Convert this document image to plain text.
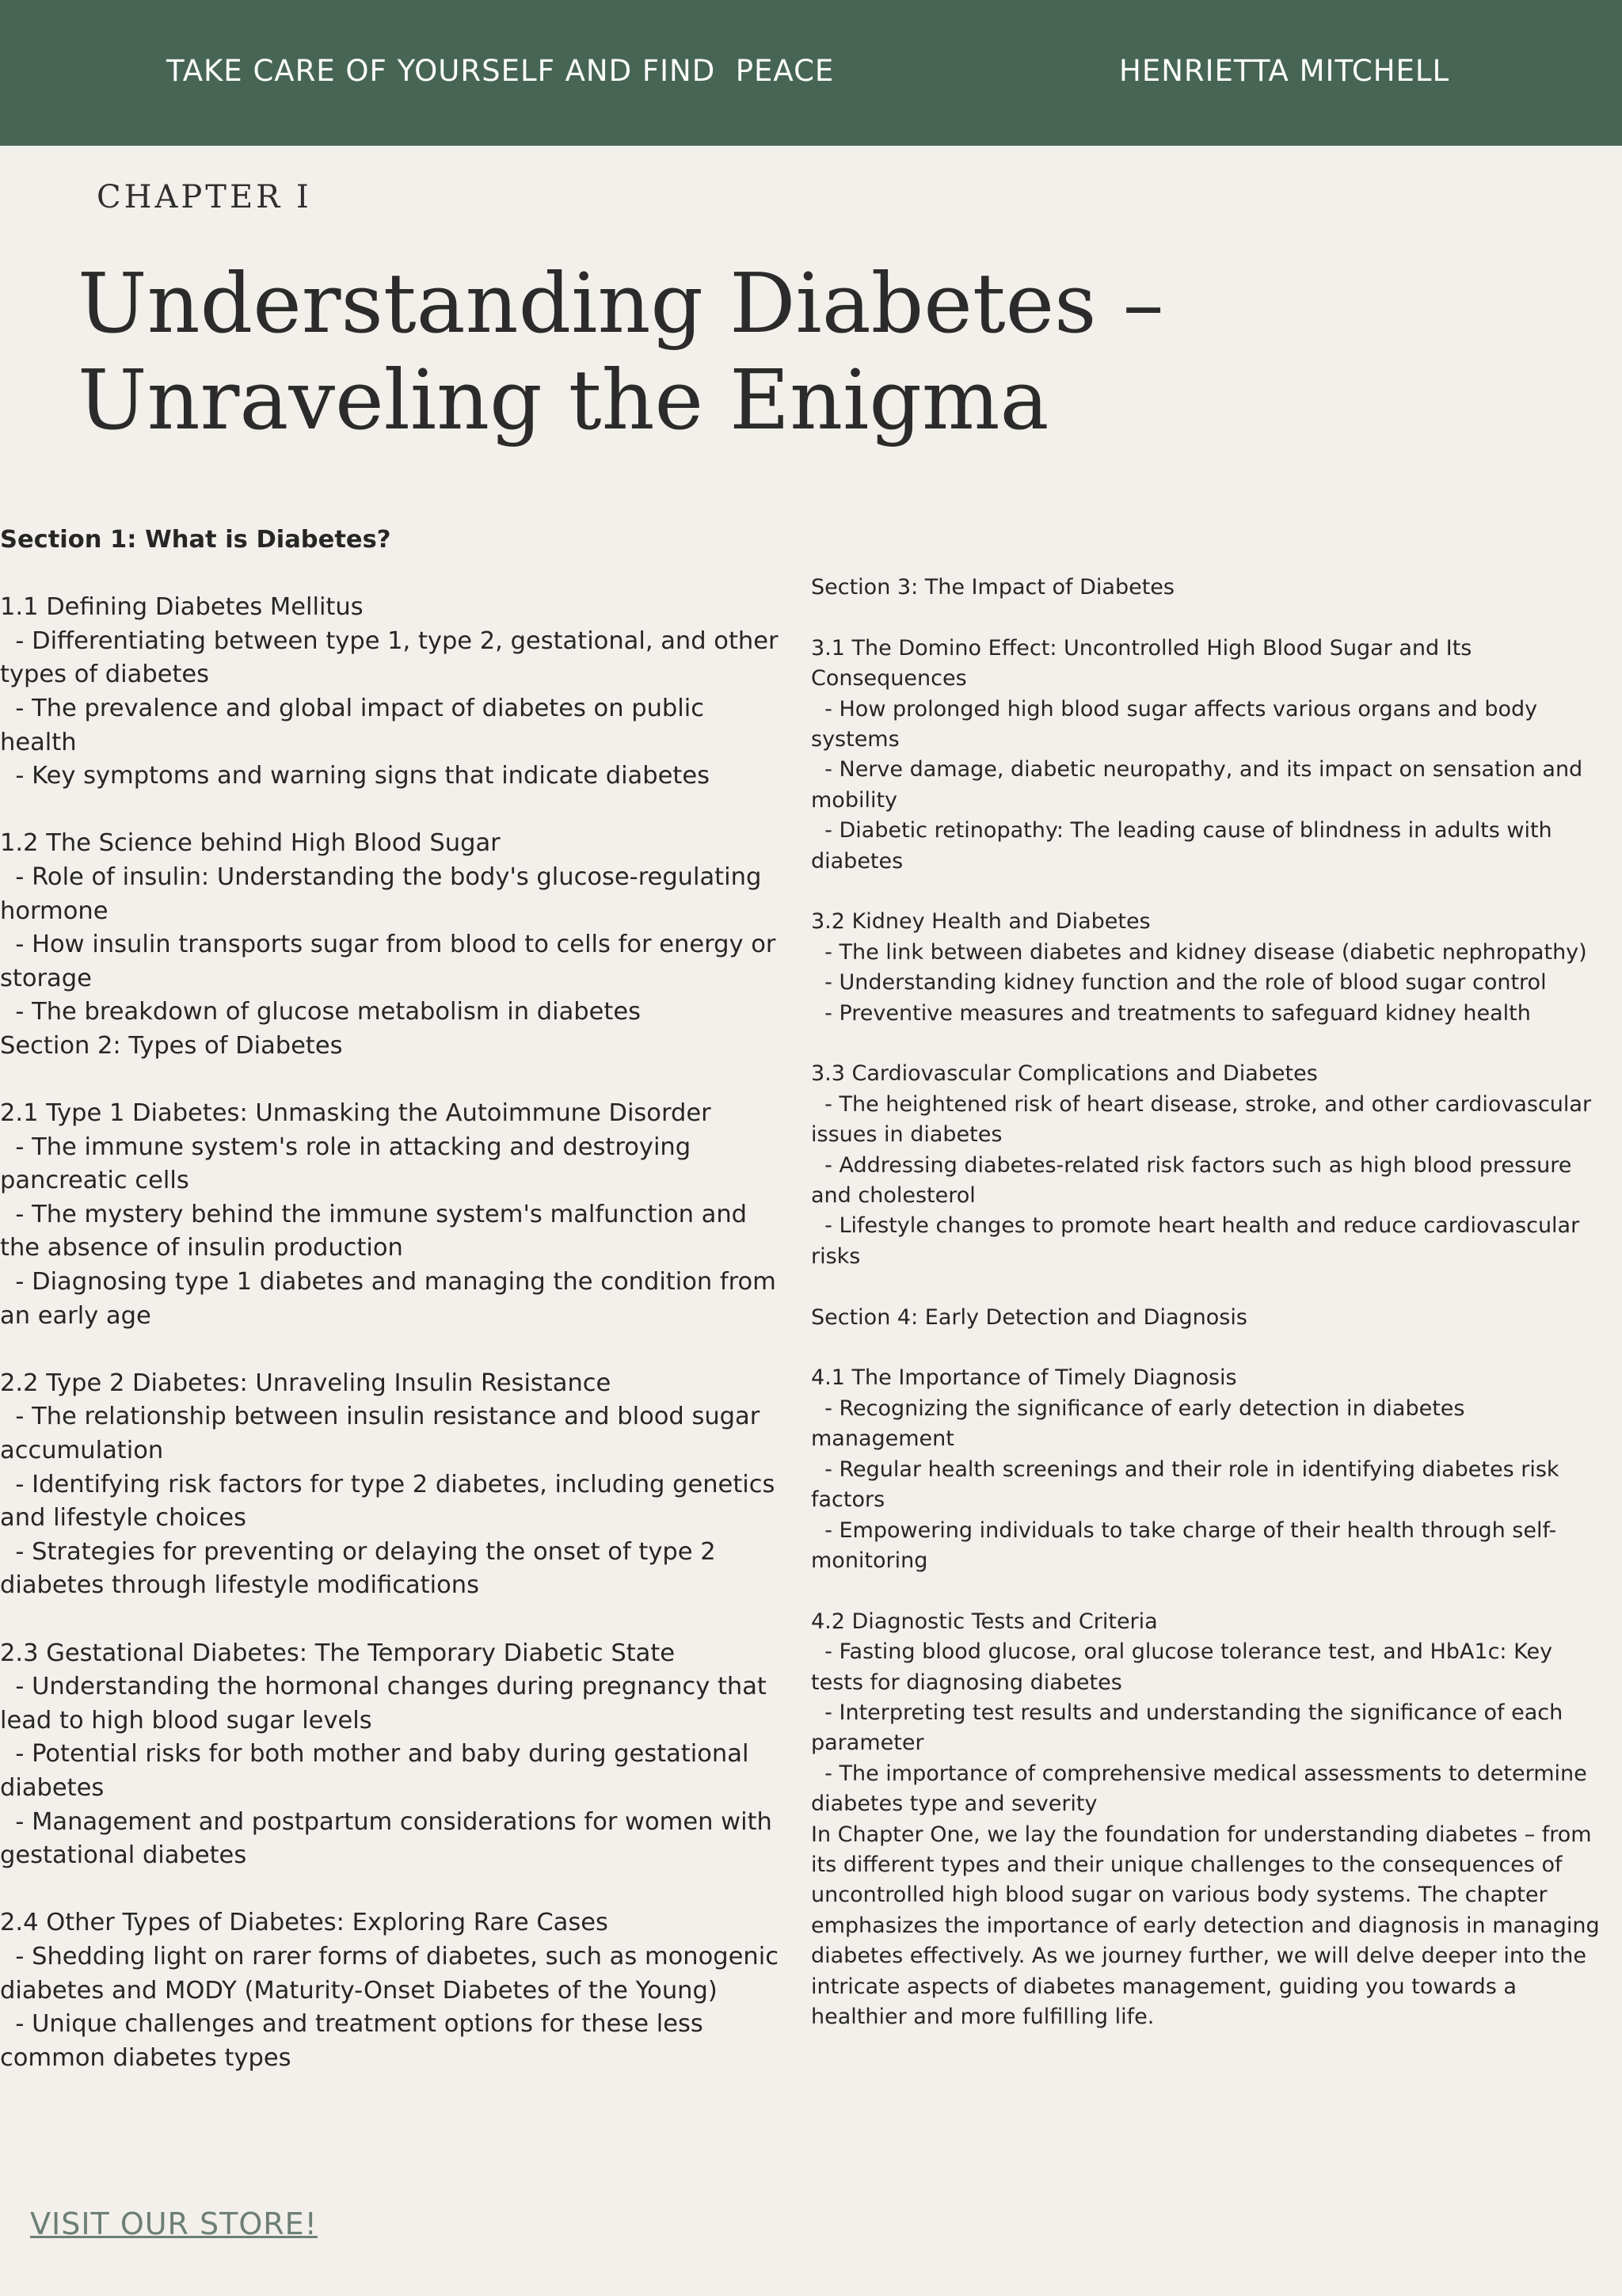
TAKE CARE OF YOURSELF AND FIND  PEACE	HENRIETTA MITCHELL
CHAPTER I
Understanding Diabetes –
Unraveling the Enigma
Section 1: What is Diabetes?
1.1 Defining Diabetes Mellitus
- Differentiating between type 1, type 2, gestational, and other types of diabetes
- The prevalence and global impact of diabetes on public health
- Key symptoms and warning signs that indicate diabetes
1.2 The Science behind High Blood Sugar
- Role of insulin: Understanding the body's glucose-regulating hormone
- How insulin transports sugar from blood to cells for energy or storage
- The breakdown of glucose metabolism in diabetes
Section 2: Types of Diabetes
2.1 Type 1 Diabetes: Unmasking the Autoimmune Disorder
- The immune system's role in attacking and destroying pancreatic cells
- The mystery behind the immune system's malfunction and the absence of insulin production
- Diagnosing type 1 diabetes and managing the condition from an early age
2.2 Type 2 Diabetes: Unraveling Insulin Resistance
- The relationship between insulin resistance and blood sugar accumulation
- Identifying risk factors for type 2 diabetes, including genetics and lifestyle choices
- Strategies for preventing or delaying the onset of type 2 diabetes through lifestyle modifications
2.3 Gestational Diabetes: The Temporary Diabetic State
- Understanding the hormonal changes during pregnancy that lead to high blood sugar levels
- Potential risks for both mother and baby during gestational diabetes
- Management and postpartum considerations for women with gestational diabetes
2.4 Other Types of Diabetes: Exploring Rare Cases
- Shedding light on rarer forms of diabetes, such as monogenic diabetes and MODY (Maturity-Onset Diabetes of the Young)
- Unique challenges and treatment options for these less common diabetes types
Section 3: The Impact of Diabetes
3.1 The Domino Effect: Uncontrolled High Blood Sugar and Its Consequences
- How prolonged high blood sugar affects various organs and body systems
- Nerve damage, diabetic neuropathy, and its impact on sensation and mobility
- Diabetic retinopathy: The leading cause of blindness in adults with diabetes
3.2 Kidney Health and Diabetes
- The link between diabetes and kidney disease (diabetic nephropathy)
- Understanding kidney function and the role of blood sugar control
- Preventive measures and treatments to safeguard kidney health
3.3 Cardiovascular Complications and Diabetes
- The heightened risk of heart disease, stroke, and other cardiovascular issues in diabetes
- Addressing diabetes-related risk factors such as high blood pressure and cholesterol
- Lifestyle changes to promote heart health and reduce cardiovascular risks
Section 4: Early Detection and Diagnosis
4.1 The Importance of Timely Diagnosis
- Recognizing the significance of early detection in diabetes management
- Regular health screenings and their role in identifying diabetes risk factors
- Empowering individuals to take charge of their health through self-monitoring
4.2 Diagnostic Tests and Criteria
- Fasting blood glucose, oral glucose tolerance test, and HbA1c: Key tests for diagnosing diabetes
- Interpreting test results and understanding the significance of each parameter
- The importance of comprehensive medical assessments to determine diabetes type and severity
In Chapter One, we lay the foundation for understanding diabetes – from its different types and their unique challenges to the consequences of uncontrolled high blood sugar on various body systems. The chapter emphasizes the importance of early detection and diagnosis in managing diabetes effectively. As we journey further, we will delve deeper into the intricate aspects of diabetes management, guiding you towards a healthier and more fulfilling life.
VISIT OUR STORE!
